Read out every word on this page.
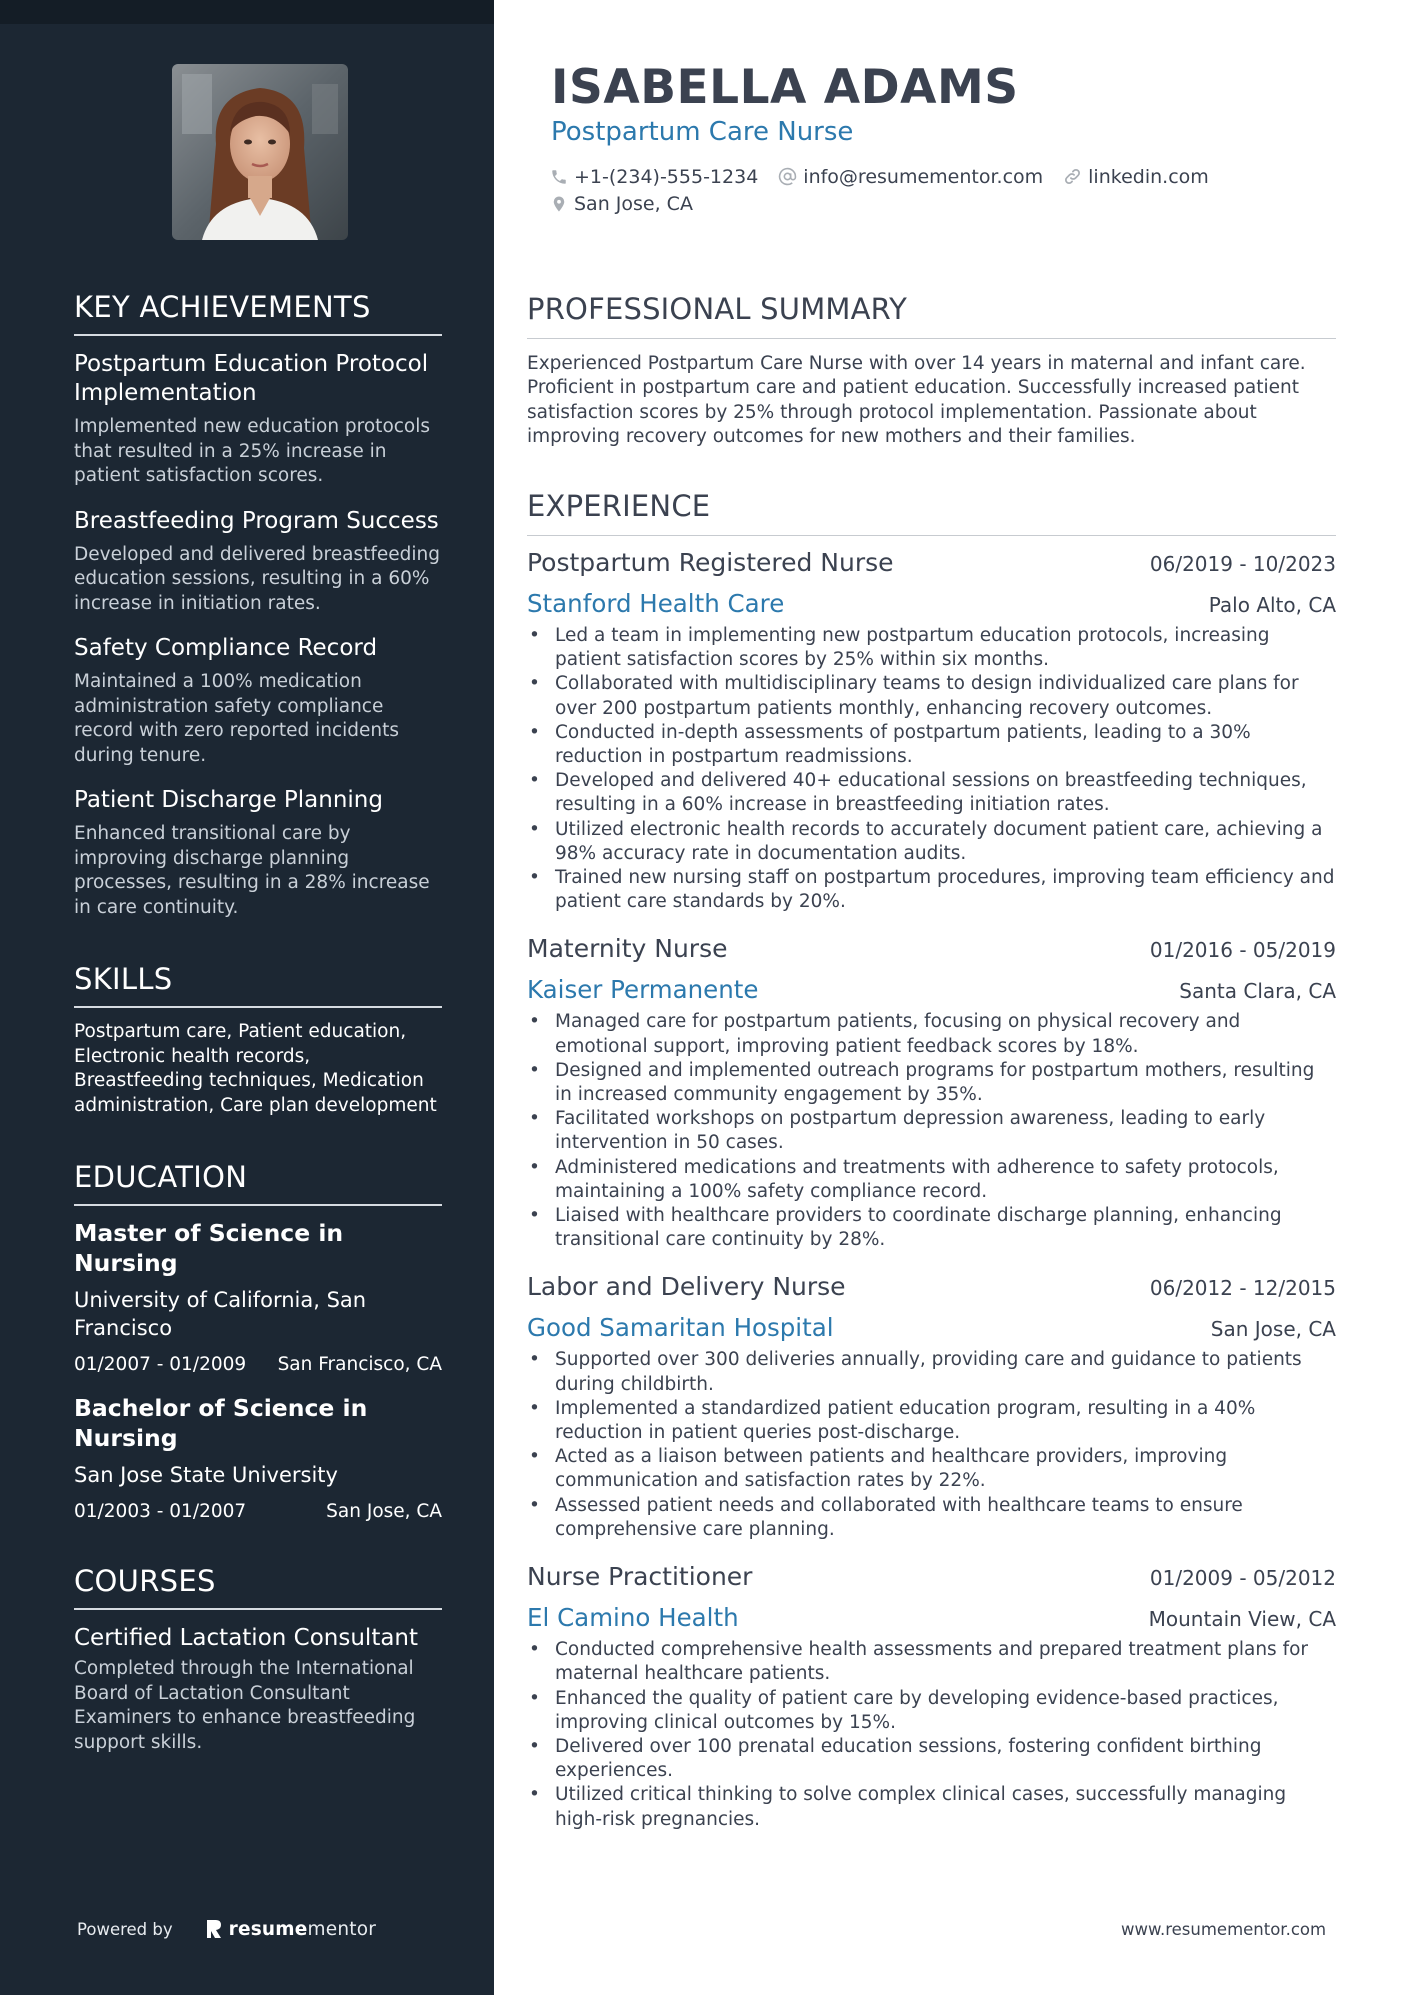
KEY ACHIEVEMENTS
Postpartum Education Protocol Implementation
Implemented new education protocols that resulted in a 25% increase in patient satisfaction scores.
Breastfeeding Program Success
Developed and delivered breastfeeding education sessions, resulting in a 60% increase in initiation rates.
Safety Compliance Record
Maintained a 100% medication administration safety compliance record with zero reported incidents during tenure.
Patient Discharge Planning
Enhanced transitional care by improving discharge planning processes, resulting in a 28% increase in care continuity.
SKILLS
Postpartum care, Patient education, Electronic health records, Breastfeeding techniques, Medication administration, Care plan development
EDUCATION
Master of Science in Nursing
University of California, San Francisco
01/2007 - 01/2009 San Francisco, CA
Bachelor of Science in Nursing
San Jose State University
01/2003 - 01/2007	San Jose, CA
COURSES
Certified Lactation Consultant
Completed through the International Board of Lactation Consultant Examiners to enhance breastfeeding support skills.
Powered by	resumementor
ISABELLA ADAMS
Postpartum Care Nurse
+1-(234)-555-1234 info@resumementor.com linkedin.com
San Jose, CA
PROFESSIONAL SUMMARY
Experienced Postpartum Care Nurse with over 14 years in maternal and infant care. Proficient in postpartum care and patient education. Successfully increased patient satisfaction scores by 25% through protocol implementation. Passionate about improving recovery outcomes for new mothers and their families.
EXPERIENCE
Postpartum Registered Nurse	06/2019 - 10/2023
Stanford Health Care	Palo Alto, CA
• Led a team in implementing new postpartum education protocols, increasing patient satisfaction scores by 25% within six months.
• Collaborated with multidisciplinary teams to design individualized care plans for over 200 postpartum patients monthly, enhancing recovery outcomes.
• Conducted in-depth assessments of postpartum patients, leading to a 30% reduction in postpartum readmissions.
• Developed and delivered 40+ educational sessions on breastfeeding techniques, resulting in a 60% increase in breastfeeding initiation rates.
• Utilized electronic health records to accurately document patient care, achieving a 98% accuracy rate in documentation audits.
• Trained new nursing staff on postpartum procedures, improving team efficiency and patient care standards by 20%.
Maternity Nurse	01/2016 - 05/2019
Kaiser Permanente	Santa Clara, CA
• Managed care for postpartum patients, focusing on physical recovery and emotional support, improving patient feedback scores by 18%.
• Designed and implemented outreach programs for postpartum mothers, resulting in increased community engagement by 35%.
• Facilitated workshops on postpartum depression awareness, leading to early intervention in 50 cases.
• Administered medications and treatments with adherence to safety protocols, maintaining a 100% safety compliance record.
• Liaised with healthcare providers to coordinate discharge planning, enhancing transitional care continuity by 28%.
Labor and Delivery Nurse	06/2012 - 12/2015
Good Samaritan Hospital	San Jose, CA
• Supported over 300 deliveries annually, providing care and guidance to patients during childbirth.
• Implemented a standardized patient education program, resulting in a 40% reduction in patient queries post-discharge.
• Acted as a liaison between patients and healthcare providers, improving communication and satisfaction rates by 22%.
• Assessed patient needs and collaborated with healthcare teams to ensure comprehensive care planning.
Nurse Practitioner	01/2009 - 05/2012
El Camino Health	Mountain View, CA
• Conducted comprehensive health assessments and prepared treatment plans for maternal healthcare patients.
• Enhanced the quality of patient care by developing evidence-based practices, improving clinical outcomes by 15%.
• Delivered over 100 prenatal education sessions, fostering confident birthing experiences.
• Utilized critical thinking to solve complex clinical cases, successfully managing high-risk pregnancies.
www.resumementor.com
